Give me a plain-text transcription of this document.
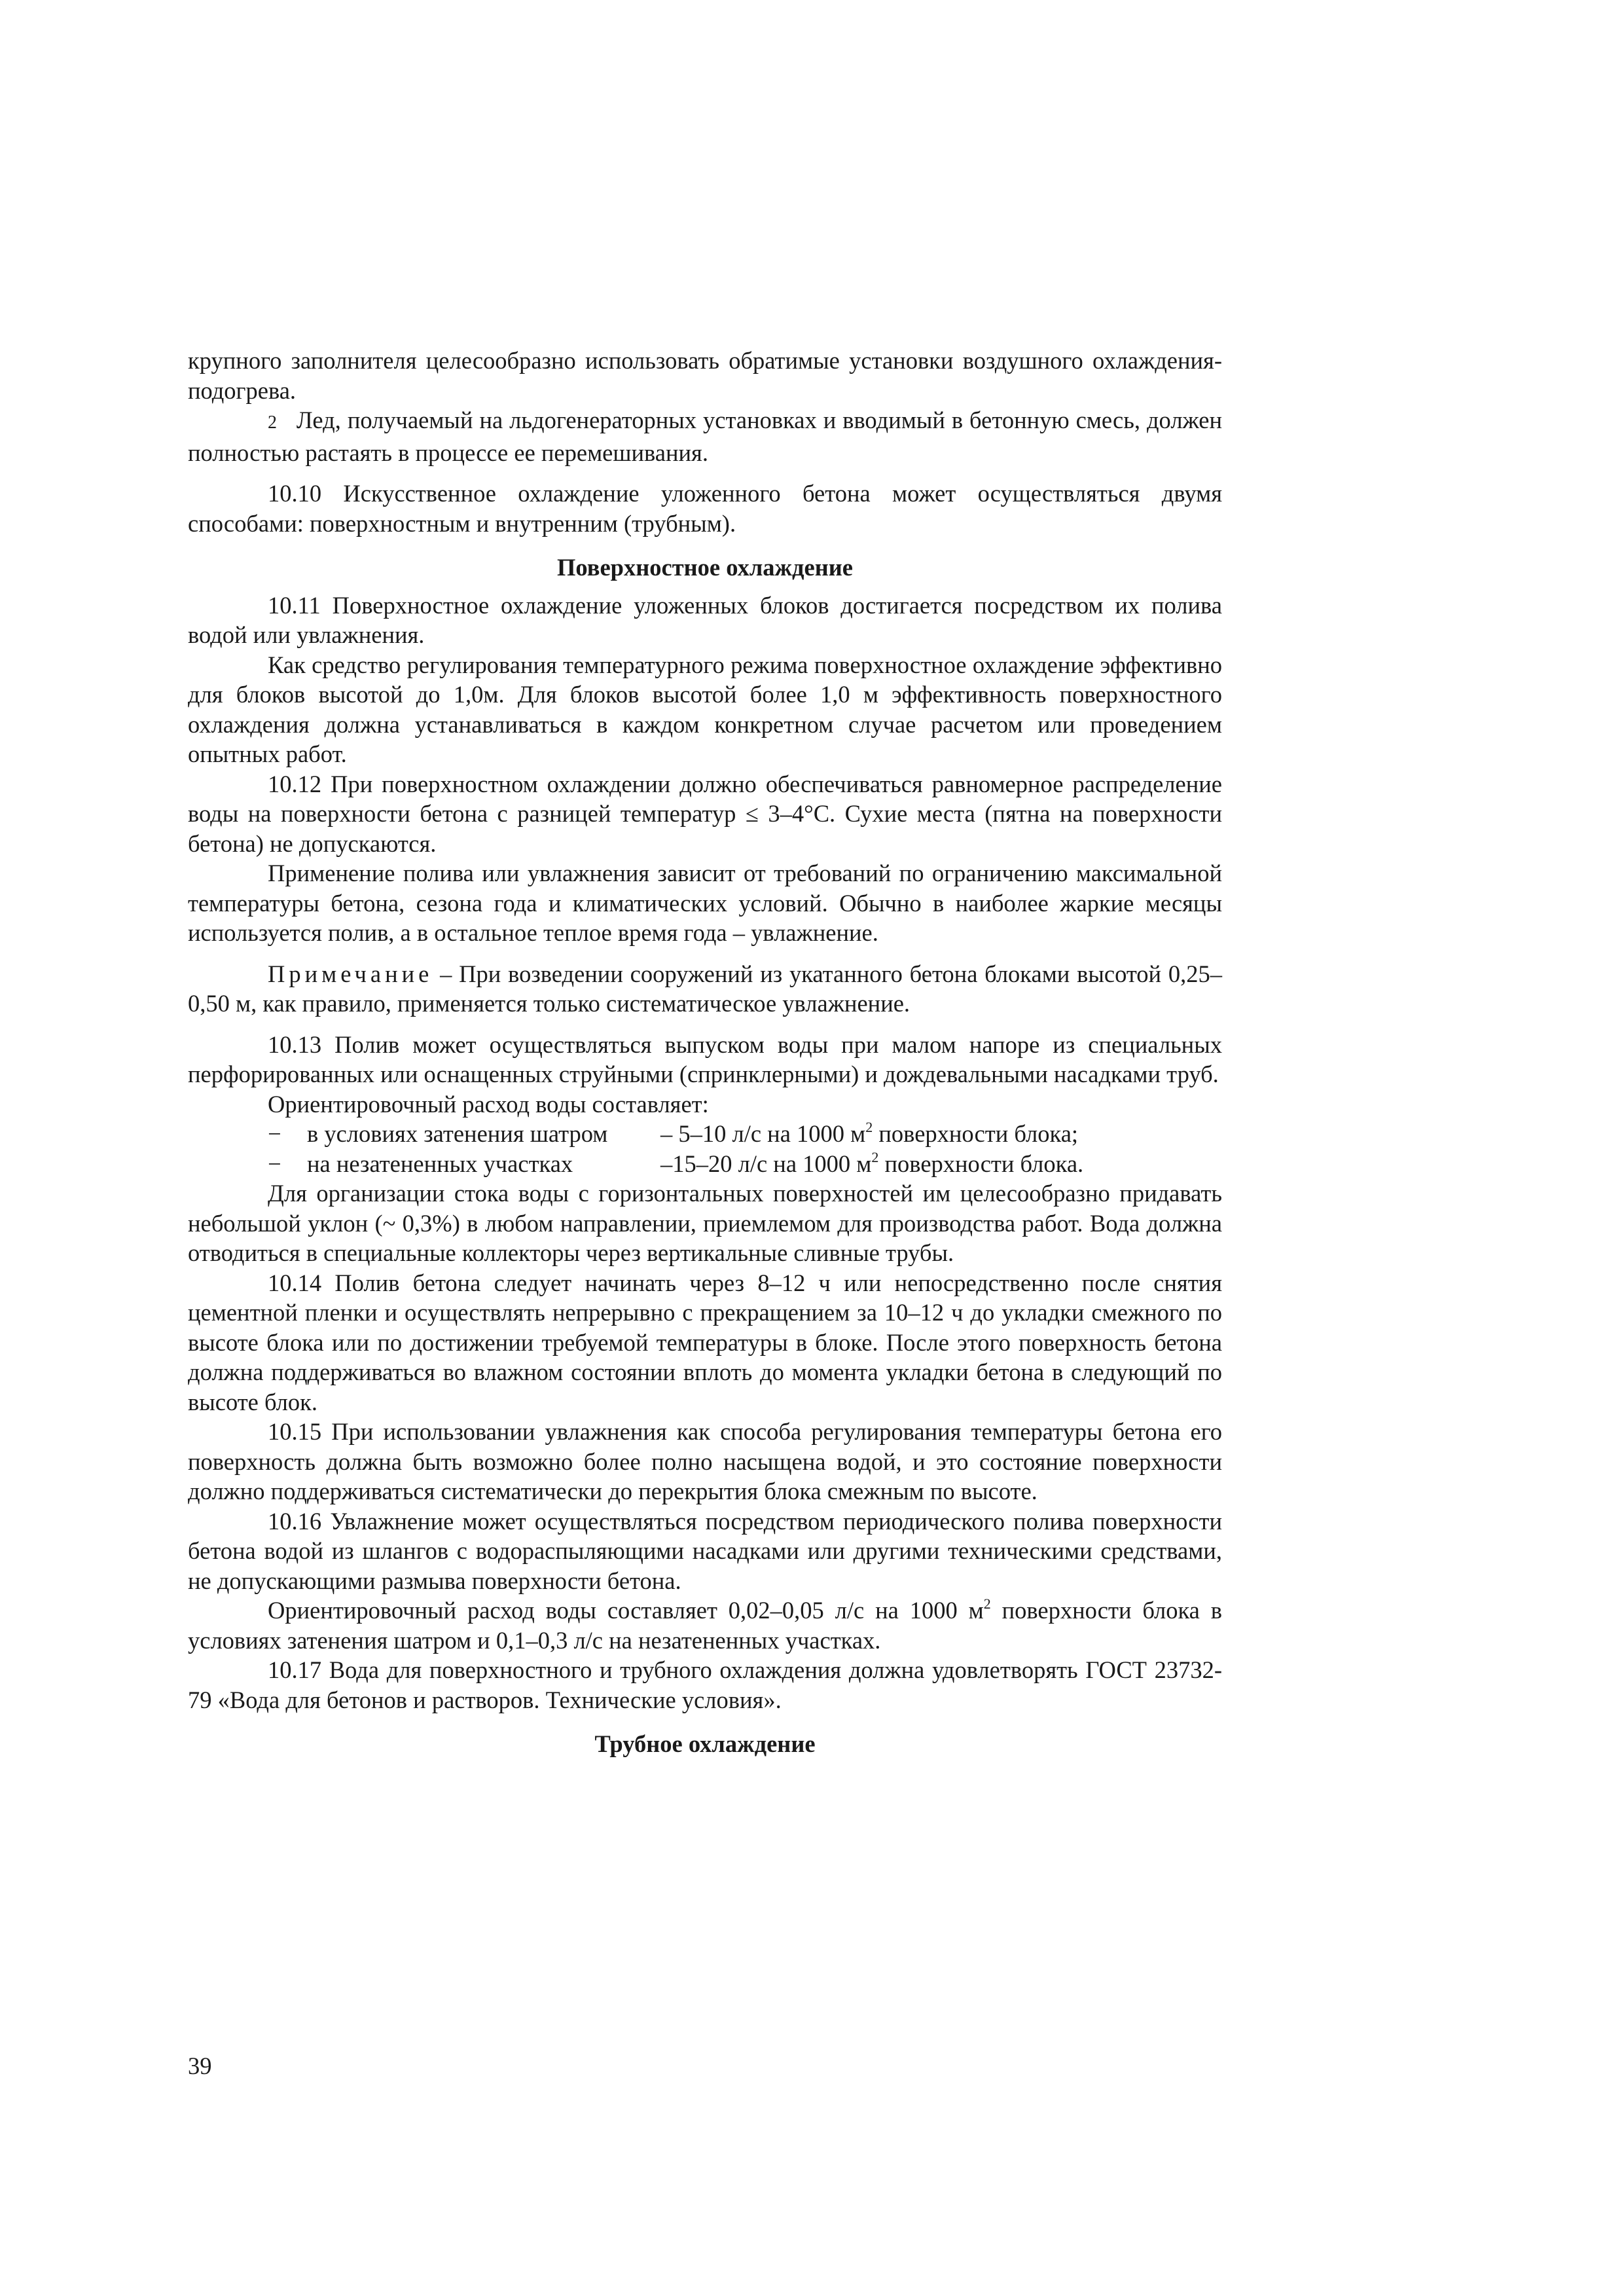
крупного заполнителя целесообразно использовать обратимые установки воздушного охлаждения-подогрева.

2 Лед, получаемый на льдогенераторных установках и вводимый в бетонную смесь, должен полностью растаять в процессе ее перемешивания.

10.10 Искусственное охлаждение уложенного бетона может осуществляться двумя способами: поверхностным и внутренним (трубным).

Поверхностное охлаждение

10.11 Поверхностное охлаждение уложенных блоков достигается посредством их полива водой или увлажнения.

Как средство регулирования температурного режима поверхностное охлаждение эффективно для блоков высотой до 1,0м. Для блоков высотой более 1,0 м эффективность поверхностного охлаждения должна устанавливаться в каждом конкретном случае расчетом или проведением опытных работ.

10.12 При поверхностном охлаждении должно обеспечиваться равномерное распределение воды на поверхности бетона с разницей температур ≤ 3–4°С. Сухие места (пятна на поверхности бетона) не допускаются.

Применение полива или увлажнения зависит от требований по ограничению максимальной температуры бетона, сезона года и климатических условий. Обычно в наиболее жаркие месяцы используется полив, а в остальное теплое время года – увлажнение.

Примечание – При возведении сооружений из укатанного бетона блоками высотой 0,25–0,50 м, как правило, применяется только систематическое увлажнение.

10.13 Полив может осуществляться выпуском воды при малом напоре из специальных перфорированных или оснащенных струйными (спринклерными) и дождевальными насадками труб.

Ориентировочный расход воды составляет:

−	в условиях затенения шатром	– 5–10 л/с на 1000 $м^2$ поверхности блока;

−	на незатененных участках	–15–20 л/с на 1000 $м^2$ поверхности блока.

Для организации стока воды с горизонтальных поверхностей им целесообразно придавать небольшой уклон (~ 0,3%) в любом направлении, приемлемом для производства работ. Вода должна отводиться в специальные коллекторы через вертикальные сливные трубы.

10.14 Полив бетона следует начинать через 8–12 ч или непосредственно после снятия цементной пленки и осуществлять непрерывно с прекращением за 10–12 ч до укладки смежного по высоте блока или по достижении требуемой температуры в блоке. После этого поверхность бетона должна поддерживаться во влажном состоянии вплоть до момента укладки бетона в следующий по высоте блок.

10.15 При использовании увлажнения как способа регулирования температуры бетона его поверхность должна быть возможно более полно насыщена водой, и это состояние поверхности должно поддерживаться систематически до перекрытия блока смежным по высоте.

10.16 Увлажнение может осуществляться посредством периодического полива поверхности бетона водой из шлангов с водораспыляющими насадками или другими техническими средствами, не допускающими размыва поверхности бетона.

Ориентировочный расход воды составляет 0,02–0,05 л/с на 1000 $м^2$ поверхности блока в условиях затенения шатром и 0,1–0,3 л/с на незатененных участках.

10.17 Вода для поверхностного и трубного охлаждения должна удовлетворять ГОСТ 23732-79 «Вода для бетонов и растворов. Технические условия».

Трубное охлаждение

39
